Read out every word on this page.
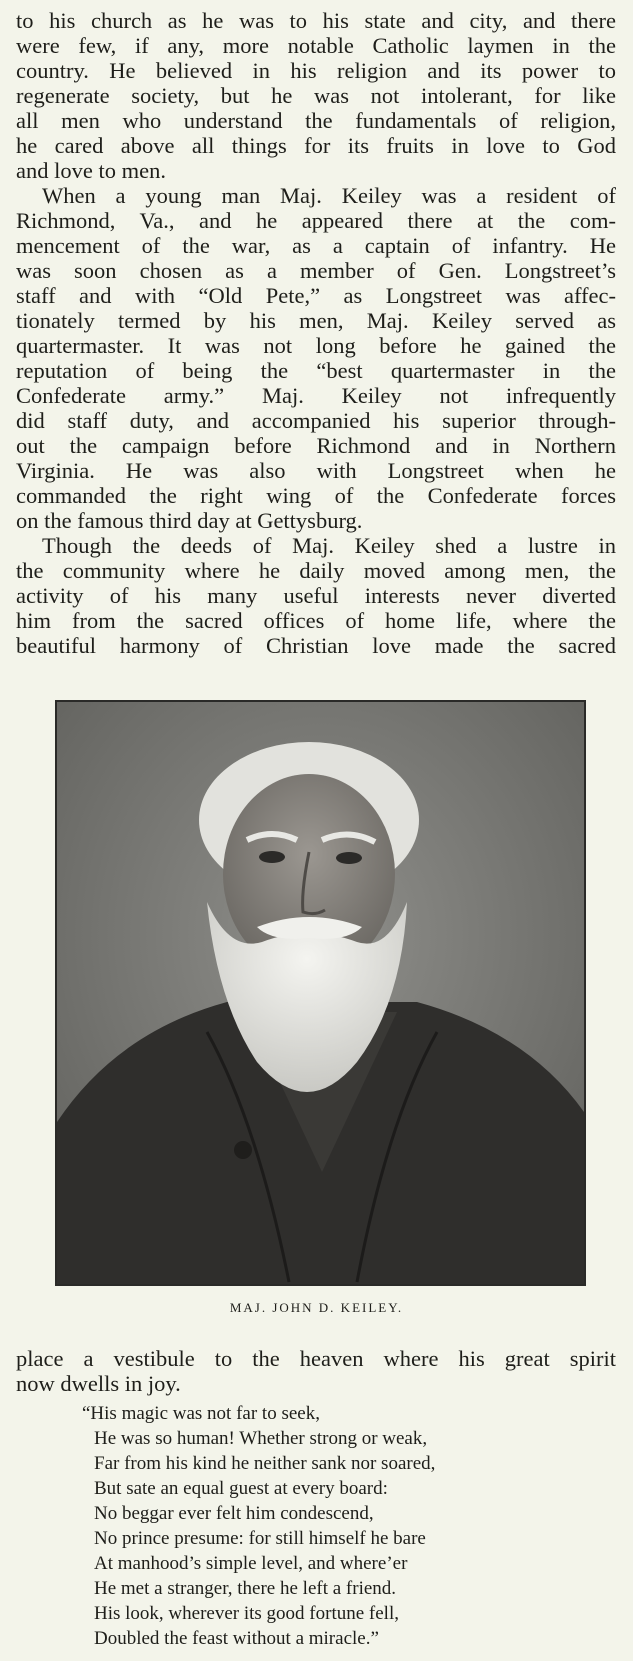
to his church as he was to his state and city, and there
were few, if any, more notable Catholic laymen in the
country. He believed in his religion and its power to
regenerate society, but he was not intolerant, for like
all men who understand the fundamentals of religion,
he cared above all things for its fruits in love to God
and love to men.
When a young man Maj. Keiley was a resident of
Richmond, Va., and he appeared there at the com-
mencement of the war, as a captain of infantry. He
was soon chosen as a member of Gen. Longstreet’s
staff and with “Old Pete,” as Longstreet was affec-
tionately termed by his men, Maj. Keiley served as
quartermaster. It was not long before he gained the
reputation of being the “best quartermaster in the
Confederate army.” Maj. Keiley not infrequently
did staff duty, and accompanied his superior through-
out the campaign before Richmond and in Northern
Virginia. He was also with Longstreet when he
commanded the right wing of the Confederate forces
on the famous third day at Gettysburg.
Though the deeds of Maj. Keiley shed a lustre in
the community where he daily moved among men, the
activity of his many useful interests never diverted
him from the sacred offices of home life, where the
beautiful harmony of Christian love made the sacred
MAJ. JOHN D. KEILEY.
place a vestibule to the heaven where his great spirit
now dwells in joy.
“His magic was not far to seek,
He was so human! Whether strong or weak,
Far from his kind he neither sank nor soared,
But sate an equal guest at every board:
No beggar ever felt him condescend,
No prince presume: for still himself he bare
At manhood’s simple level, and where’er
He met a stranger, there he left a friend.
His look, wherever its good fortune fell,
Doubled the feast without a miracle.”
